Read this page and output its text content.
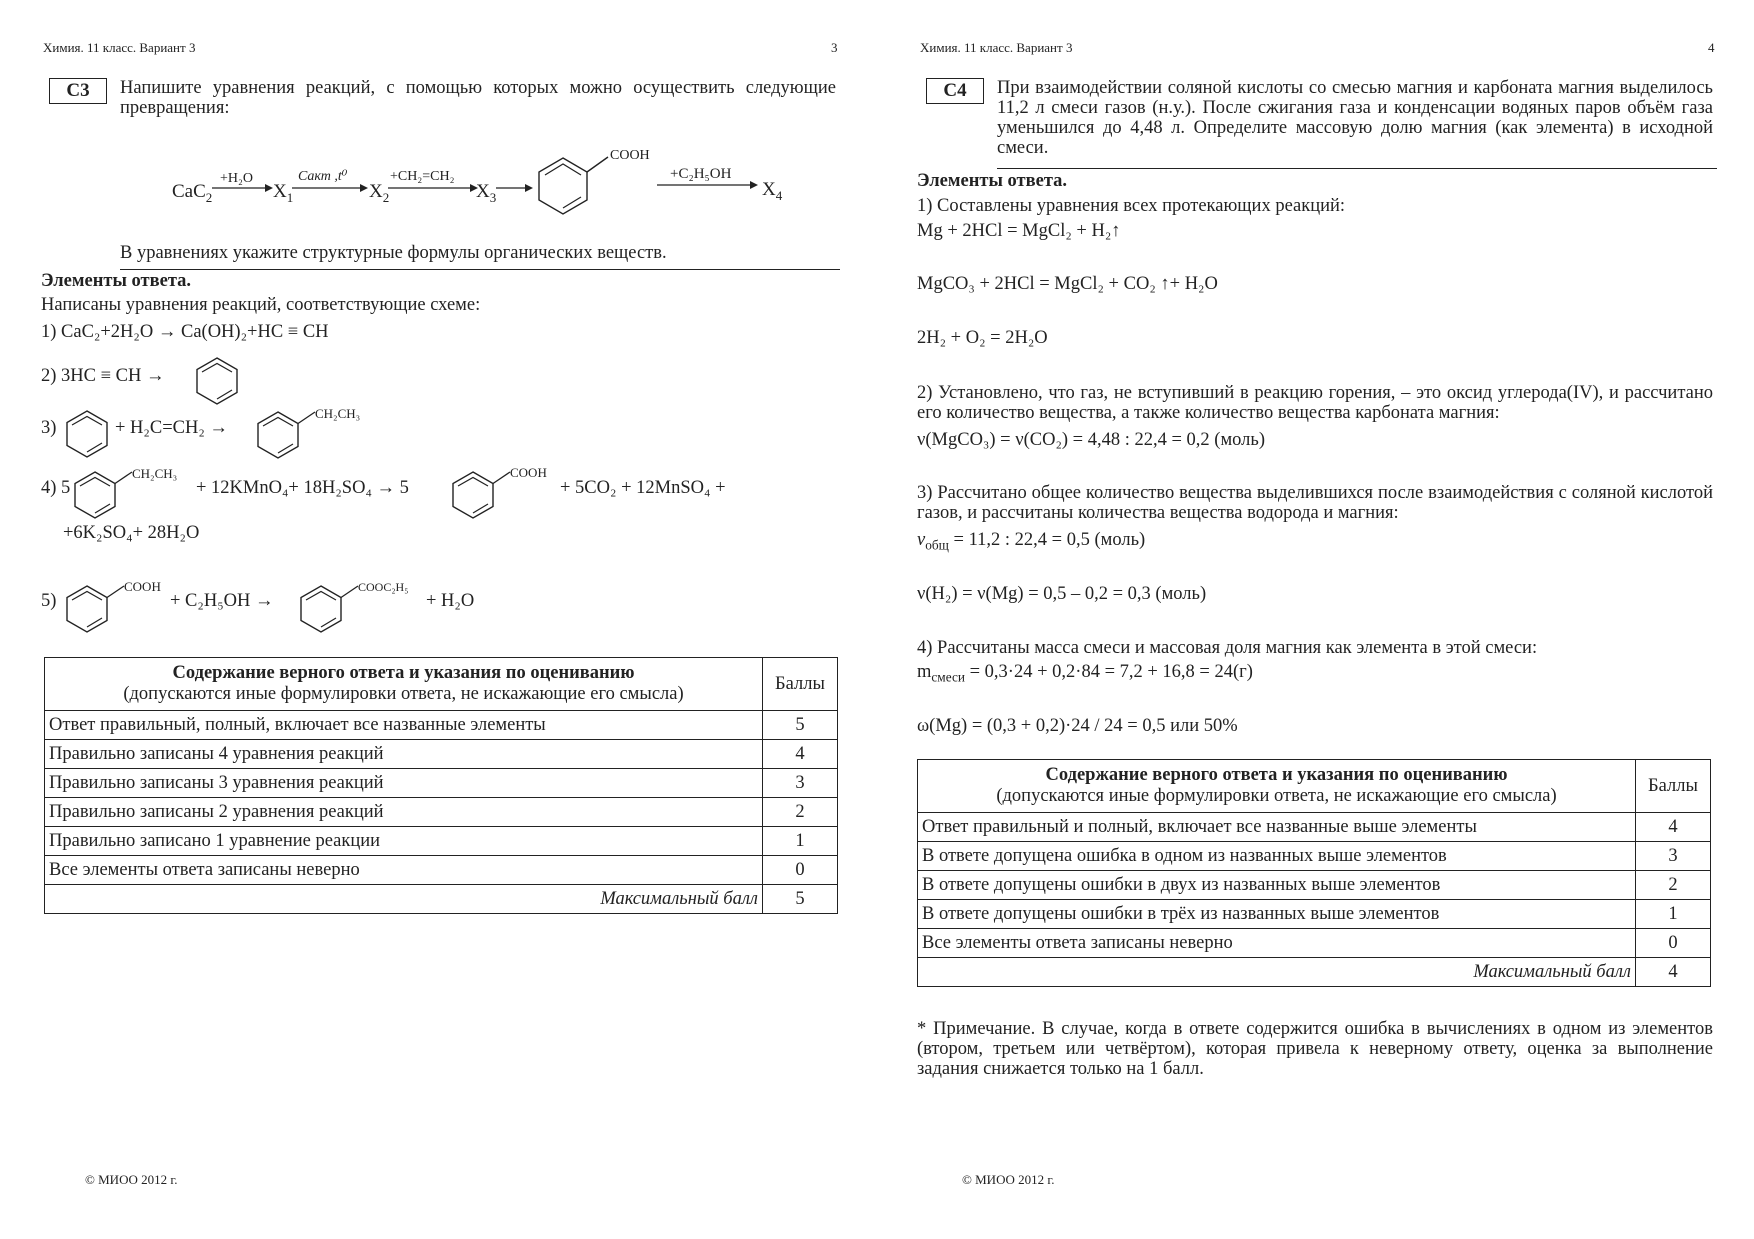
Химия. 11 класс. Вариант 3	3
С3	Напишите уравнения реакций, с помощью которых можно осуществить следующие превращения:
CaC$_2$
+H₂O
$X_1$
Cакт ,t⁰
$X_2$
+CH₂=CH₂
$X_3$
COOH
+C₂H₅OH
$X_4$
В уравнениях укажите структурные формулы органических веществ.
Элементы ответа.
Написаны уравнения реакций, соответствующие схеме:
1) CaC₂+2H₂O → Ca(OH)₂+HC ≡ CH
2) 3HC ≡ CH →
3)	+ H₂C=CH₂ →
CH₂CH₃
4) 5
CH₂CH₃
+ 12KMnO₄+ 18H₂SO₄ → 5
COOH
+ 5CO₂ + 12MnSO₄ +
+6K₂SO₄+ 28H₂O
5)
COOH
+ C₂H₅OH →
COOC₂H₅
+ H₂O
Содержание верного ответа и указания по оцениванию
(допускаются иные формулировки ответа, не искажающие его смысла)	Баллы
Ответ правильный, полный, включает все названные элементы	5
Правильно записаны 4 уравнения реакций	4
Правильно записаны 3 уравнения реакций	3
Правильно записаны 2 уравнения реакций	2
Правильно записано 1 уравнение реакции	1
Все элементы ответа записаны неверно	0
Максимальный балл	5
© МИОО 2012 г.
Химия. 11 класс. Вариант 3	4
С4	При взаимодействии соляной кислоты со смесью магния и карбоната магния выделилось 11,2 л смеси газов (н.у.). После сжигания газа и конденсации водяных паров объём газа уменьшился до 4,48 л. Определите массовую долю магния (как элемента) в исходной смеси.
Элементы ответа.
1) Составлены уравнения всех протекающих реакций:
Mg + 2HCl = MgCl₂ + H₂↑
MgCO₃ + 2HCl = MgCl₂ + CO₂ ↑+ H₂O
2H₂ + O₂ = 2H₂O
2) Установлено, что газ, не вступивший в реакцию горения, – это оксид углерода(IV), и рассчитано его количество вещества, а также количество вещества карбоната магния:
ν(MgCO₃) = ν(CO₂) = 4,48 : 22,4 = 0,2 (моль)
3) Рассчитано общее количество вещества выделившихся после взаимодействия с соляной кислотой газов, и рассчитаны количества вещества водорода и магния:
$\nu_{общ} = 11,2$ : 22,4 = 0,5 (моль)
ν(H₂) = ν(Mg) = 0,5 – 0,2 = 0,3 (моль)
4) Рассчитаны масса смеси и массовая доля магния как элемента в этой смеси:
$m_{смеси} = 0,3\cdot 24 + 0,2\cdot 84 = 7,2 + 16,8 = 24(г)$
ω(Mg) = (0,3 + 0,2)·24 / 24 = 0,5 или 50%
Содержание верного ответа и указания по оцениванию
(допускаются иные формулировки ответа, не искажающие его смысла)	Баллы
Ответ правильный и полный, включает все названные выше элементы	4
В ответе допущена ошибка в одном из названных выше элементов	3
В ответе допущены ошибки в двух из названных выше элементов	2
В ответе допущены ошибки в трёх из названных выше элементов	1
Все элементы ответа записаны неверно	0
Максимальный балл	4
* Примечание. В случае, когда в ответе содержится ошибка в вычислениях в одном из элементов (втором, третьем или четвёртом), которая привела к неверному ответу, оценка за выполнение задания снижается только на 1 балл.
© МИОО 2012 г.
